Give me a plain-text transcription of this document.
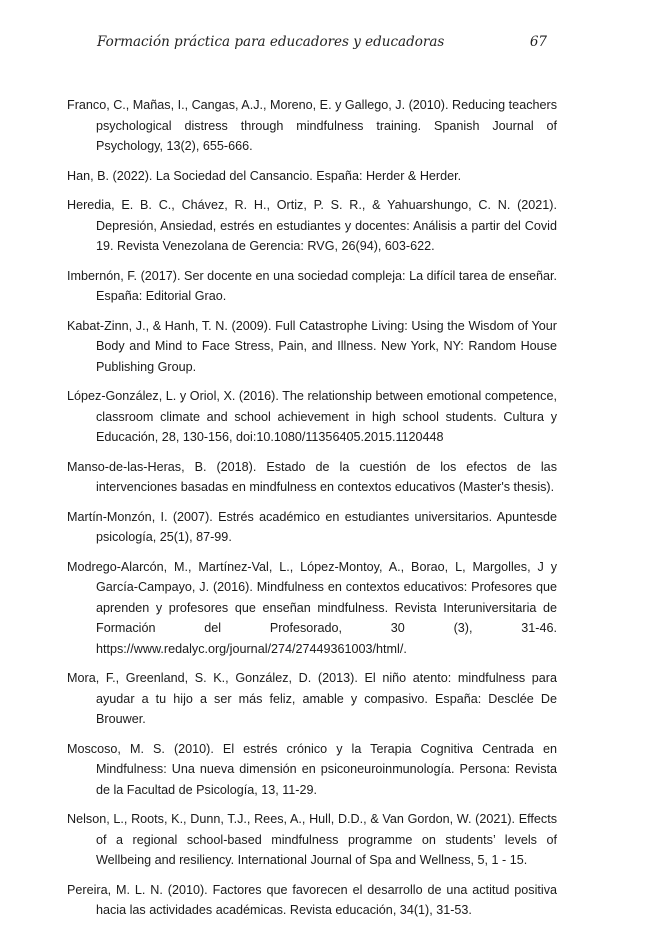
Formación práctica para educadores y educadoras	67

Franco, C., Mañas, I., Cangas, A.J., Moreno, E. y Gallego, J. (2010). Reducing teachers psychological distress through mindfulness training. Spanish Journal of Psychology, 13(2), 655-666.

Han, B. (2022). La Sociedad del Cansancio. España: Herder & Herder.

Heredia, E. B. C., Chávez, R. H., Ortiz, P. S. R., & Yahuarshungo, C. N. (2021). Depresión, Ansiedad, estrés en estudiantes y docentes: Análisis a partir del Covid 19. Revista Venezolana de Gerencia: RVG, 26(94), 603-622.

Imbernón, F. (2017). Ser docente en una sociedad compleja: La difícil tarea de enseñar. España: Editorial Grao.

Kabat-Zinn, J., & Hanh, T. N. (2009). Full Catastrophe Living: Using the Wisdom of Your Body and Mind to Face Stress, Pain, and Illness. New York, NY: Random House Publishing Group.

López-González, L. y Oriol, X. (2016). The relationship between emotional competence, classroom climate and school achievement in high school students. Cultura y Educación, 28, 130-156, doi:10.1080/11356405.2015.1120448

Manso-de-las-Heras, B. (2018). Estado de la cuestión de los efectos de las intervenciones basadas en mindfulness en contextos educativos (Master's thesis).

Martín-Monzón, I. (2007). Estrés académico en estudiantes universitarios. Apuntesde psicología, 25(1), 87-99.

Modrego-Alarcón, M., Martínez-Val, L., López-Montoy, A., Borao, L, Margolles, J y García-Campayo, J. (2016). Mindfulness en contextos educativos: Profesores que aprenden y profesores que enseñan mindfulness. Revista Interuniversitaria de Formación del Profesorado, 30 (3), 31-46. https://www.redalyc.org/journal/274/27449361003/html/.

Mora, F., Greenland, S. K., González, D. (2013). El niño atento: mindfulness para ayudar a tu hijo a ser más feliz, amable y compasivo. España: Desclée De Brouwer.

Moscoso, M. S. (2010). El estrés crónico y la Terapia Cognitiva Centrada en Mindfulness: Una nueva dimensión en psiconeuroinmunología. Persona: Revista de la Facultad de Psicología, 13, 11-29.

Nelson, L., Roots, K., Dunn, T.J., Rees, A., Hull, D.D., & Van Gordon, W. (2021). Effects of a regional school-based mindfulness programme on students’ levels of Wellbeing and resiliency. International Journal of Spa and Wellness, 5, 1 - 15.

Pereira, M. L. N. (2010). Factores que favorecen el desarrollo de una actitud positiva hacia las actividades académicas. Revista educación, 34(1), 31-53.
